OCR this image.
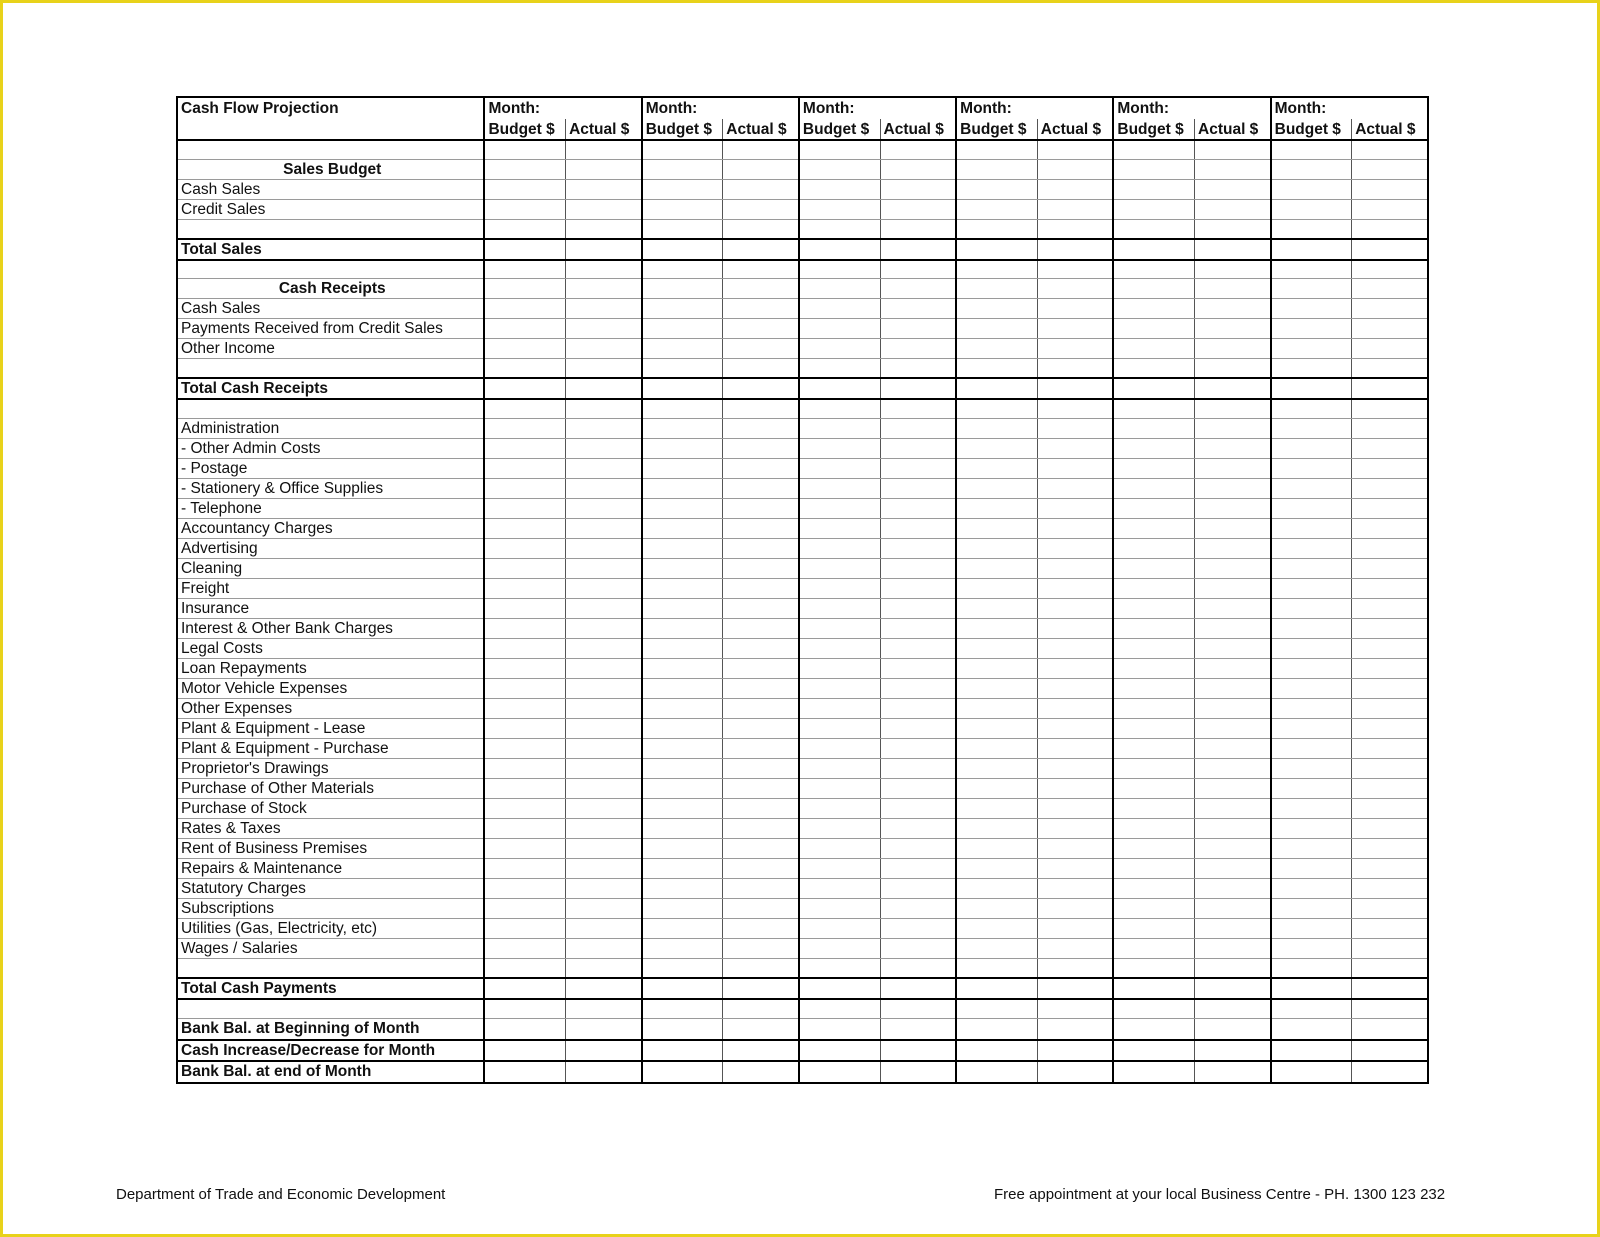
Cash Flow Projection	Month:		Month:		Month:		Month:		Month:		Month:	
	Budget $	Actual $	Budget $	Actual $	Budget $	Actual $	Budget $	Actual $	Budget $	Actual $	Budget $	Actual $

Sales Budget												
Cash Sales												
Credit Sales												

Total Sales												

Cash Receipts												
Cash Sales												
Payments Received from Credit Sales												
Other Income												

Total Cash Receipts												

Administration												
- Other Admin Costs												
- Postage												
- Stationery & Office Supplies												
- Telephone												
Accountancy Charges												
Advertising												
Cleaning												
Freight												
Insurance												
Interest & Other Bank Charges												
Legal Costs												
Loan Repayments												
Motor Vehicle Expenses												
Other Expenses												
Plant & Equipment - Lease												
Plant & Equipment - Purchase												
Proprietor's Drawings												
Purchase of Other Materials												
Purchase of Stock												
Rates & Taxes												
Rent of Business Premises												
Repairs & Maintenance												
Statutory Charges												
Subscriptions												
Utilities (Gas, Electricity, etc)												
Wages / Salaries												

Total Cash Payments												

Bank Bal. at Beginning of Month												
Cash Increase/Decrease for Month												
Bank Bal. at end of Month												
Department of Trade and Economic Development	Free appointment at your local Business Centre - PH. 1300 123 232
